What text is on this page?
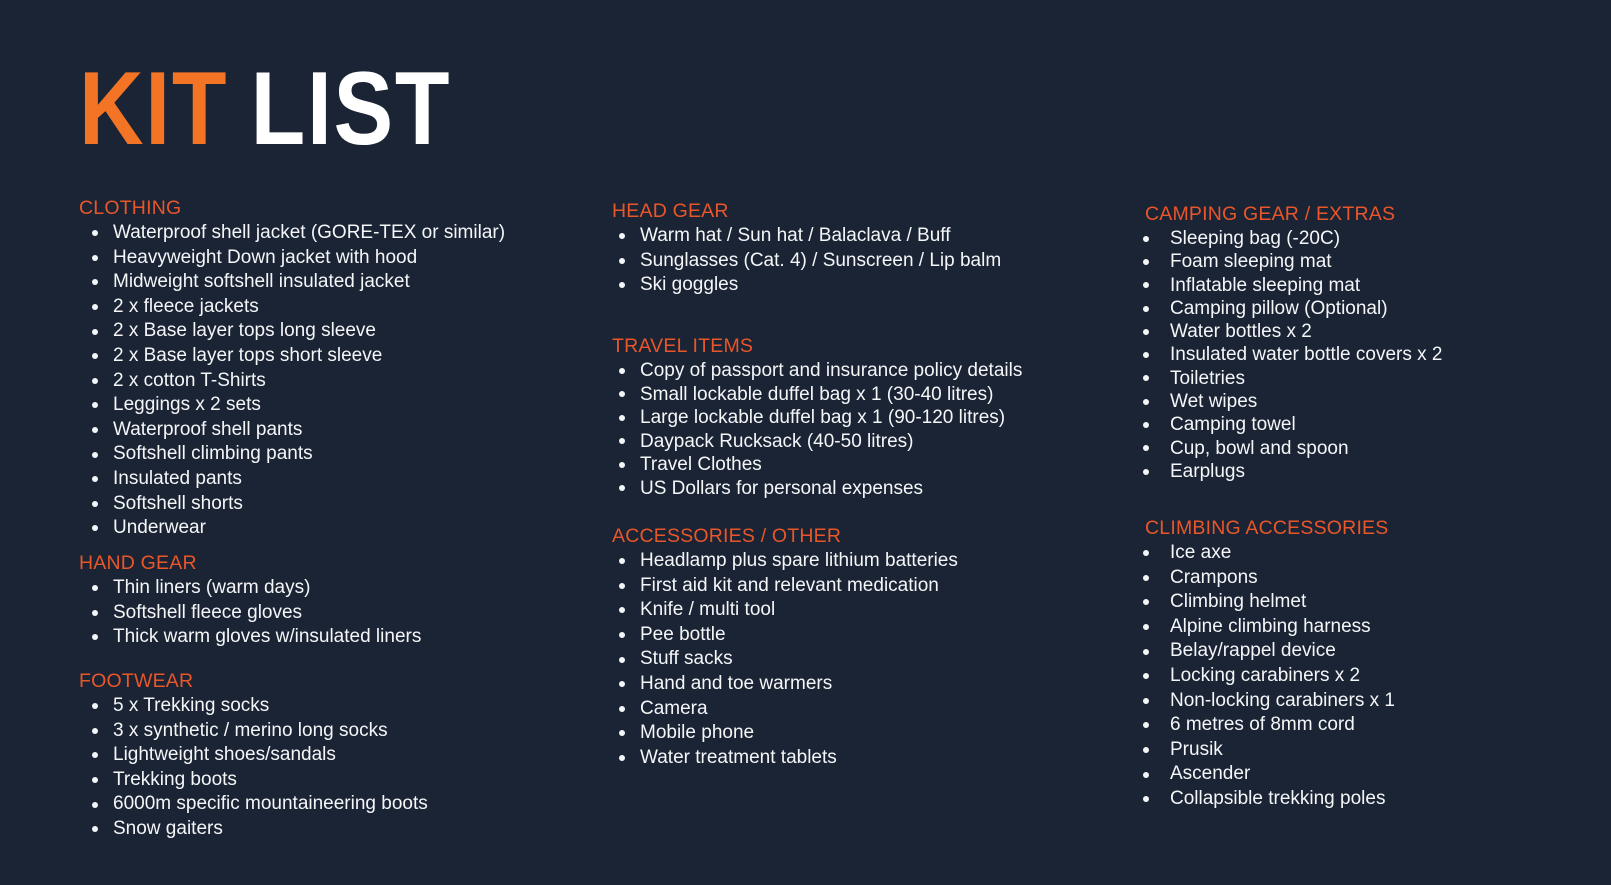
KIT LIST
CLOTHING
Waterproof shell jacket (GORE-TEX or similar)
Heavyweight Down jacket with hood
Midweight softshell insulated jacket
2 x fleece jackets
2 x Base layer tops long sleeve
2 x Base layer tops short sleeve
2 x cotton T-Shirts
Leggings x 2 sets
Waterproof shell pants
Softshell climbing pants
Insulated pants
Softshell shorts
Underwear
HAND GEAR
Thin liners (warm days)
Softshell fleece gloves
Thick warm gloves w/insulated liners
FOOTWEAR
5 x Trekking socks
3 x synthetic / merino long socks
Lightweight shoes/sandals
Trekking boots
6000m specific mountaineering boots
Snow gaiters
HEAD GEAR
Warm hat / Sun hat / Balaclava / Buff
Sunglasses (Cat. 4) / Sunscreen / Lip balm
Ski goggles
TRAVEL ITEMS
Copy of passport and insurance policy details
Small lockable duffel bag x 1 (30-40 litres)
Large lockable duffel bag x 1 (90-120 litres)
Daypack Rucksack (40-50 litres)
Travel Clothes
US Dollars for personal expenses
ACCESSORIES / OTHER
Headlamp plus spare lithium batteries
First aid kit and relevant medication
Knife / multi tool
Pee bottle
Stuff sacks
Hand and toe warmers
Camera
Mobile phone
Water treatment tablets
CAMPING GEAR / EXTRAS
Sleeping bag (-20C)
Foam sleeping mat
Inflatable sleeping mat
Camping pillow (Optional)
Water bottles x 2
Insulated water bottle covers x 2
Toiletries
Wet wipes
Camping towel
Cup, bowl and spoon
Earplugs
CLIMBING ACCESSORIES
Ice axe
Crampons
Climbing helmet
Alpine climbing harness
Belay/rappel device
Locking carabiners x 2
Non-locking carabiners x 1
6 metres of 8mm cord
Prusik
Ascender
Collapsible trekking poles
